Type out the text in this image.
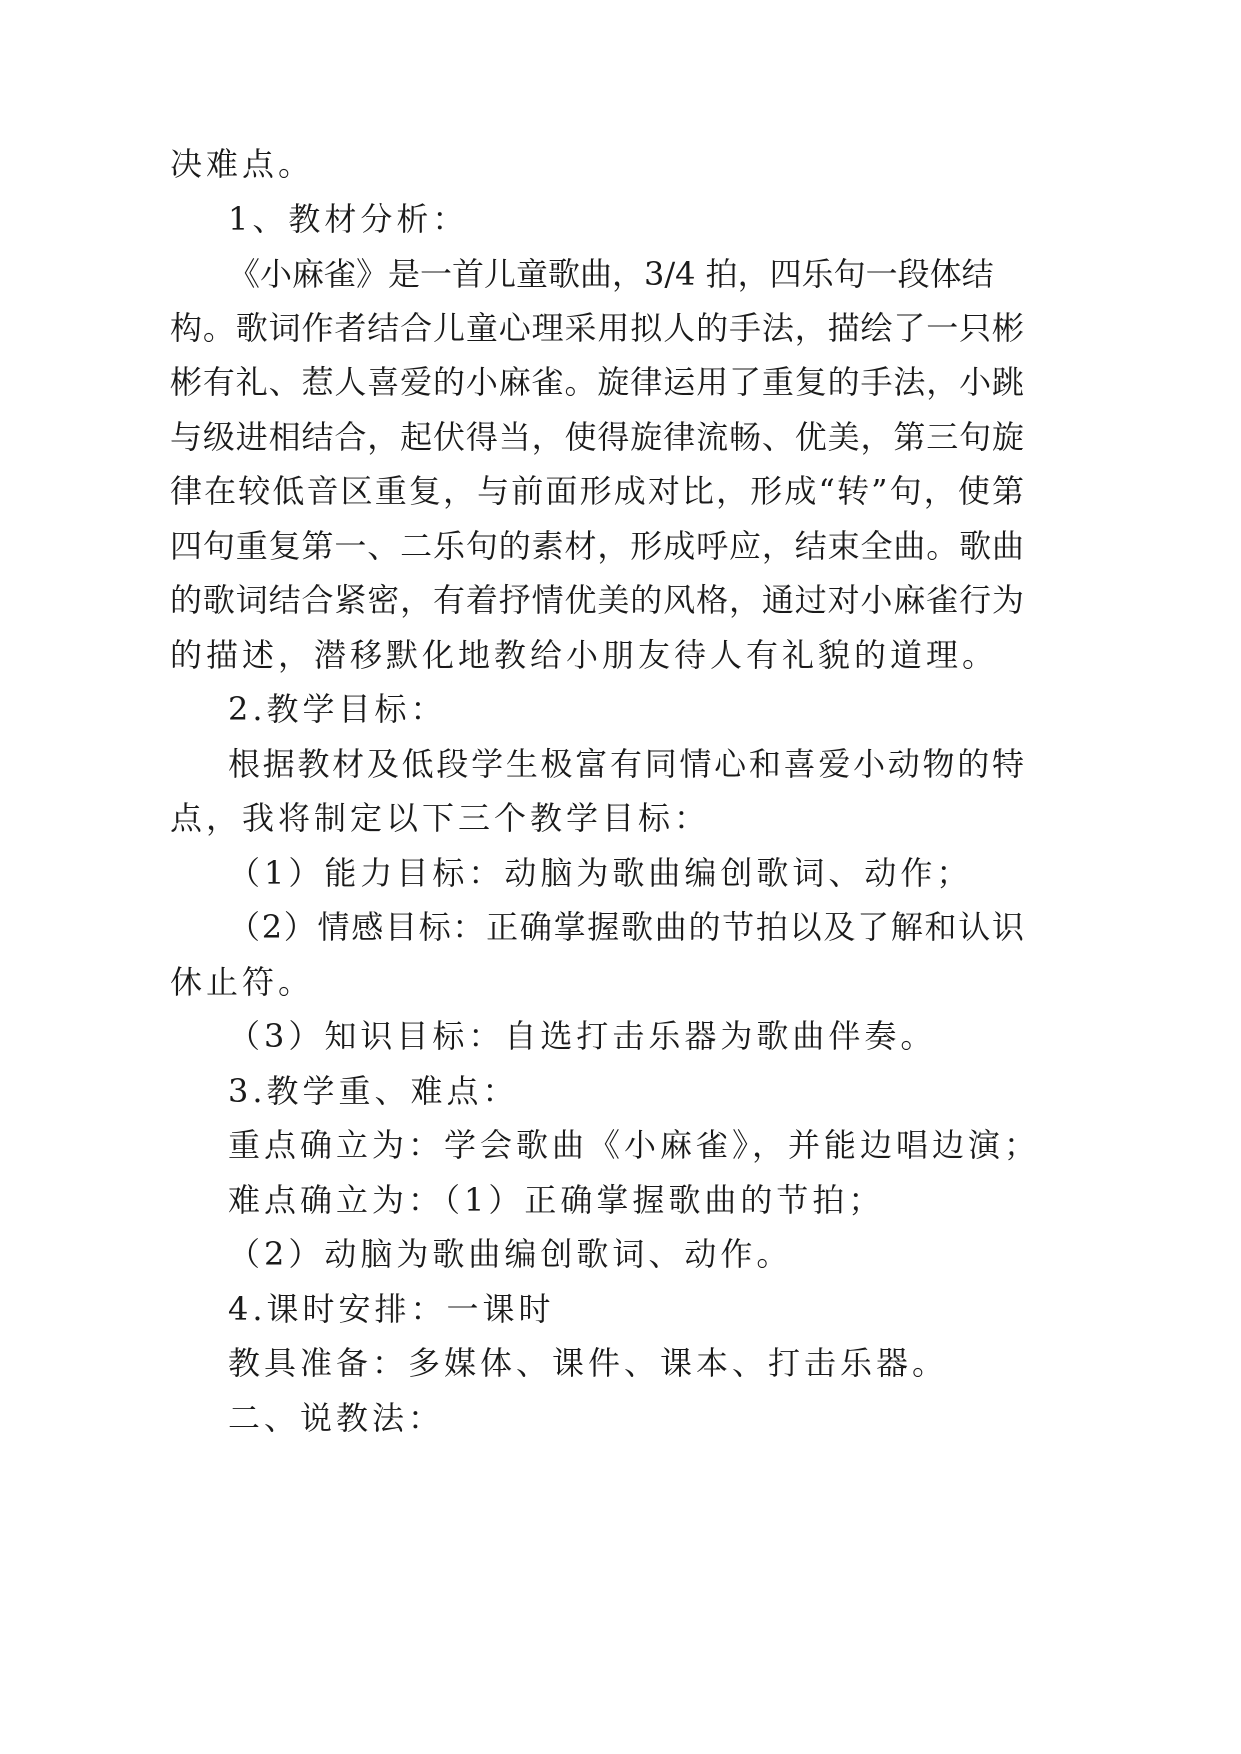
决难点。
1、教材分析：
《小麻雀》是一首儿童歌曲，3/4 拍，四乐句一段体结
构。歌词作者结合儿童心理采用拟人的手法，描绘了一只彬
彬有礼、惹人喜爱的小麻雀。旋律运用了重复的手法，小跳
与级进相结合，起伏得当，使得旋律流畅、优美，第三句旋
律在较低音区重复，与前面形成对比，形成“转”句，使第
四句重复第一、二乐句的素材，形成呼应，结束全曲。歌曲
的歌词结合紧密，有着抒情优美的风格，通过对小麻雀行为
的描述，潜移默化地教给小朋友待人有礼貌的道理。
2.教学目标：
根据教材及低段学生极富有同情心和喜爱小动物的特
点，我将制定以下三个教学目标：
（1）能力目标：动脑为歌曲编创歌词、动作；
（2）情感目标：正确掌握歌曲的节拍以及了解和认识
休止符。
（3）知识目标：自选打击乐器为歌曲伴奏。
3.教学重、难点：
重点确立为：学会歌曲《小麻雀》，并能边唱边演；
难点确立为：（1）正确掌握歌曲的节拍；
（2）动脑为歌曲编创歌词、动作。
4.课时安排：一课时
教具准备：多媒体、课件、课本、打击乐器。
二、说教法：
